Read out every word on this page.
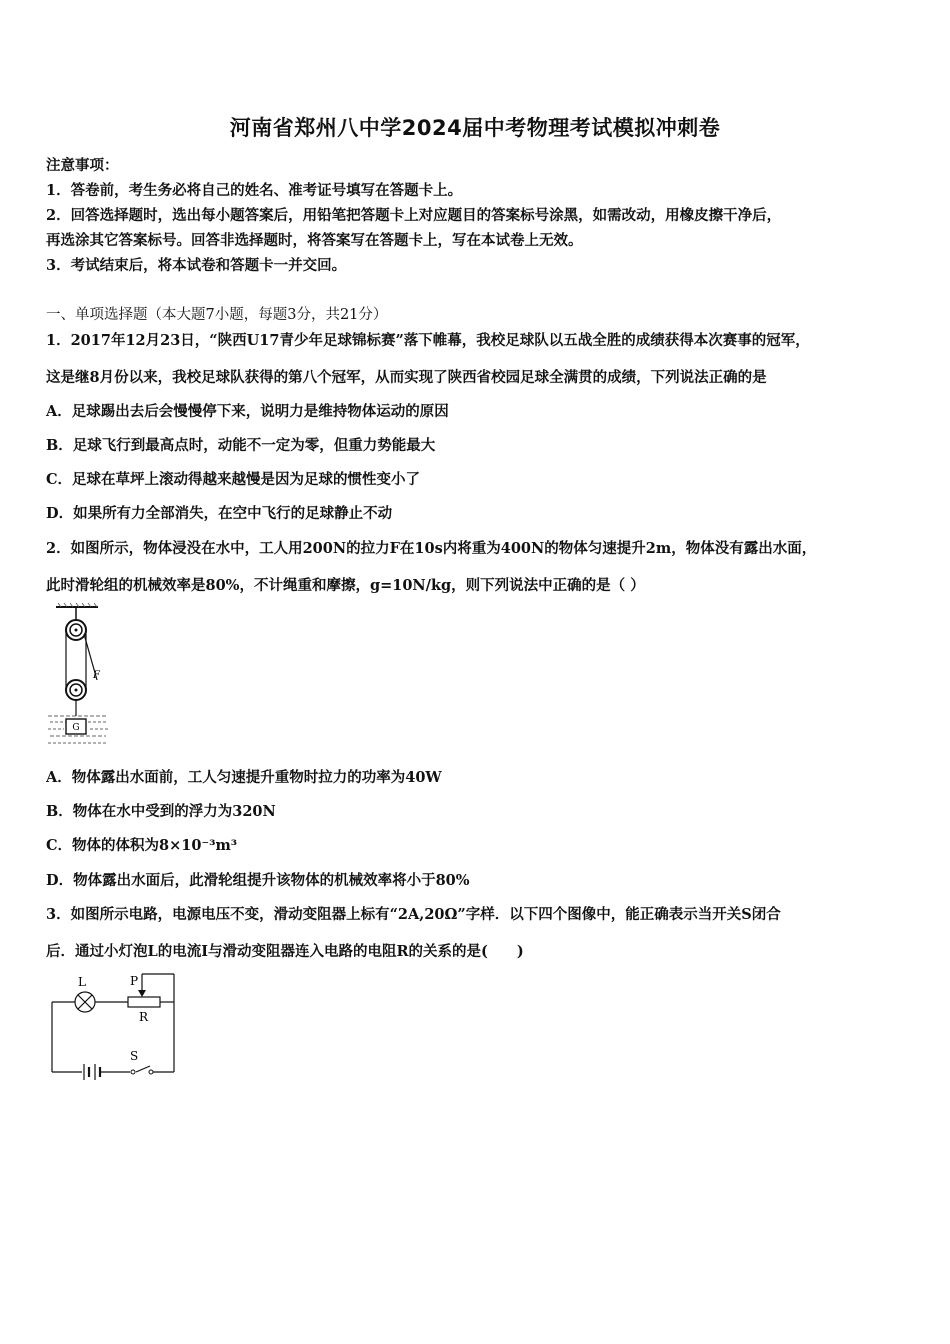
河南省郑州八中学2024届中考物理考试模拟冲刺卷
注意事项：
1．答卷前，考生务必将自己的姓名、准考证号填写在答题卡上。
2．回答选择题时，选出每小题答案后，用铅笔把答题卡上对应题目的答案标号涂黑，如需改动，用橡皮擦干净后，
再选涂其它答案标号。回答非选择题时，将答案写在答题卡上，写在本试卷上无效。
3．考试结束后，将本试卷和答题卡一并交回。
一、单项选择题（本大题7小题，每题3分，共21分）
1．2017年12月23日，“陕西U17青少年足球锦标赛”落下帷幕，我校足球队以五战全胜的成绩获得本次赛事的冠军，
这是继8月份以来，我校足球队获得的第八个冠军，从而实现了陕西省校园足球全满贯的成绩，下列说法正确的是
A．足球踢出去后会慢慢停下来，说明力是维持物体运动的原因
B．足球飞行到最高点时，动能不一定为零，但重力势能最大
C．足球在草坪上滚动得越来越慢是因为足球的惯性变小了
D．如果所有力全部消失，在空中飞行的足球静止不动
2．如图所示，物体浸没在水中，工人用200N的拉力F在10s内将重为400N的物体匀速提升2m，物体没有露出水面，
此时滑轮组的机械效率是80%，不计绳重和摩擦，g=10N/kg，则下列说法中正确的是（ ）
F
G
A．物体露出水面前，工人匀速提升重物时拉力的功率为40W
B．物体在水中受到的浮力为320N
C．物体的体积为8×10⁻³m³
D．物体露出水面后，此滑轮组提升该物体的机械效率将小于80%
3．如图所示电路，电源电压不变，滑动变阻器上标有“2A,20Ω”字样．以下四个图像中，能正确表示当开关S闭合
后．通过小灯泡L的电流I与滑动变阻器连入电路的电阻R的关系的是(　　)
L	P
R
S
